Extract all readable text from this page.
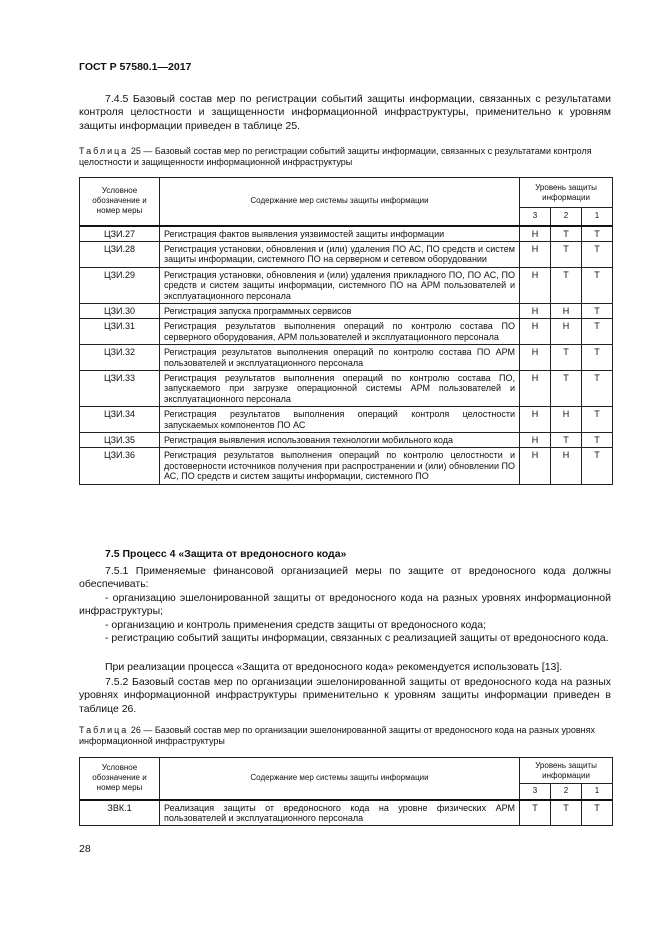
ГОСТ Р 57580.1—2017
7.4.5 Базовый состав мер по регистрации событий защиты информации, связанных с результатами контроля целостности и защищенности информационной инфраструктуры, применительно к уровням защиты информации приведен в таблице 25.
Таблица 25 — Базовый состав мер по регистрации событий защиты информации, связанных с результатами контроля целостности и защищенности информационной инфраструктуры
Условное обозначение и номер меры	Содержание мер системы защиты информации	Уровень защиты информации		
		3	2	1
ЦЗИ.27	Регистрация фактов выявления уязвимостей защиты информации	Н	Т	Т
ЦЗИ.28	Регистрация установки, обновления и (или) удаления ПО АС, ПО средств и систем защиты информации, системного ПО на серверном и сетевом оборудовании	Н	Т	Т
ЦЗИ.29	Регистрация установки, обновления и (или) удаления прикладного ПО, ПО АС, ПО средств и систем защиты информации, системного ПО на АРМ пользователей и эксплуатационного персонала	Н	Т	Т
ЦЗИ.30	Регистрация запуска программных сервисов	Н	Н	Т
ЦЗИ.31	Регистрация результатов выполнения операций по контролю состава ПО серверного оборудования, АРМ пользователей и эксплуатационного персонала	Н	Н	Т
ЦЗИ.32	Регистрация результатов выполнения операций по контролю состава ПО АРМ пользователей и эксплуатационного персонала	Н	Т	Т
ЦЗИ.33	Регистрация результатов выполнения операций по контролю состава ПО, запускаемого при загрузке операционной системы АРМ пользователей и эксплуатационного персонала	Н	Т	Т
ЦЗИ.34	Регистрация результатов выполнения операций контроля целостности запускаемых компонентов ПО АС	Н	Н	Т
ЦЗИ.35	Регистрация выявления использования технологии мобильного кода	Н	Т	Т
ЦЗИ.36	Регистрация результатов выполнения операций по контролю целостности и достоверности источников получения при распространении и (или) обновлении ПО АС, ПО средств и систем защиты информации, системного ПО	Н	Н	Т
7.5 Процесс 4 «Защита от вредоносного кода»
7.5.1 Применяемые финансовой организацией меры по защите от вредоносного кода должны обеспечивать:
- организацию эшелонированной защиты от вредоносного кода на разных уровнях информационной инфраструктуры;
- организацию и контроль применения средств защиты от вредоносного кода;
- регистрацию событий защиты информации, связанных с реализацией защиты от вредоносного кода.
При реализации процесса «Защита от вредоносного кода» рекомендуется использовать [13].
7.5.2 Базовый состав мер по организации эшелонированной защиты от вредоносного кода на разных уровнях информационной инфраструктуры применительно к уровням защиты информации приведен в таблице 26.
Таблица 26 — Базовый состав мер по организации эшелонированной защиты от вредоносного кода на разных уровнях информационной инфраструктуры
Условное обозначение и номер меры	Содержание мер системы защиты информации	Уровень защиты информации		
		3	2	1
ЗВК.1	Реализация защиты от вредоносного кода на уровне физических АРМ пользователей и эксплуатационного персонала	Т	Т	Т
28
